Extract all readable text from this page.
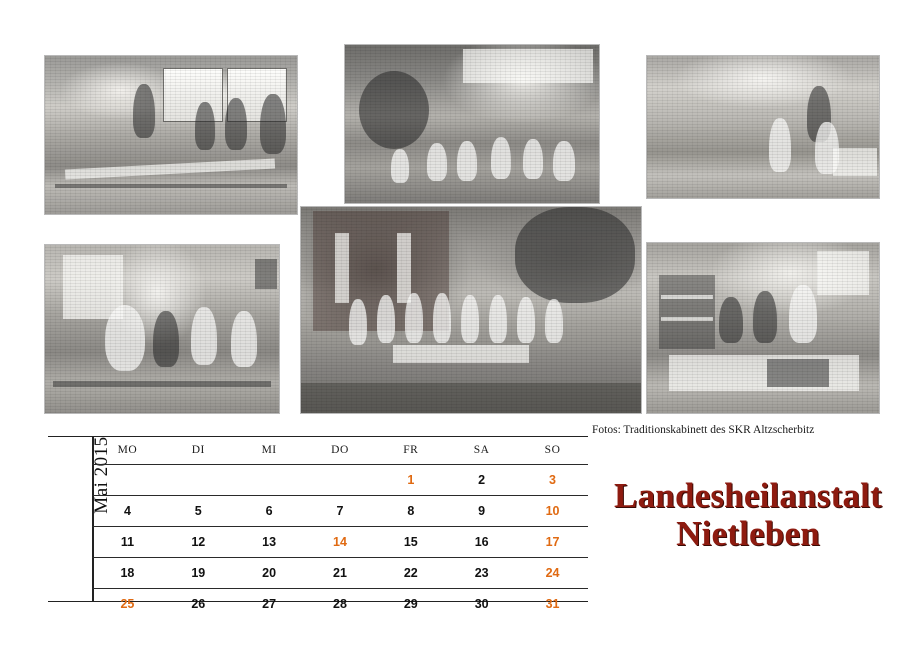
Fotos: Traditionskabinett des SKR Altzscherbitz
Mai 2015 MO	DI	MI	DO	FR	SA	SO
				1	2	3
4	5	6	7	8	9	10
11	12	13	14	15	16	17
18	19	20	21	22	23	24
25	26	27	28	29	30	31
Landesheilanstalt
Nietleben
